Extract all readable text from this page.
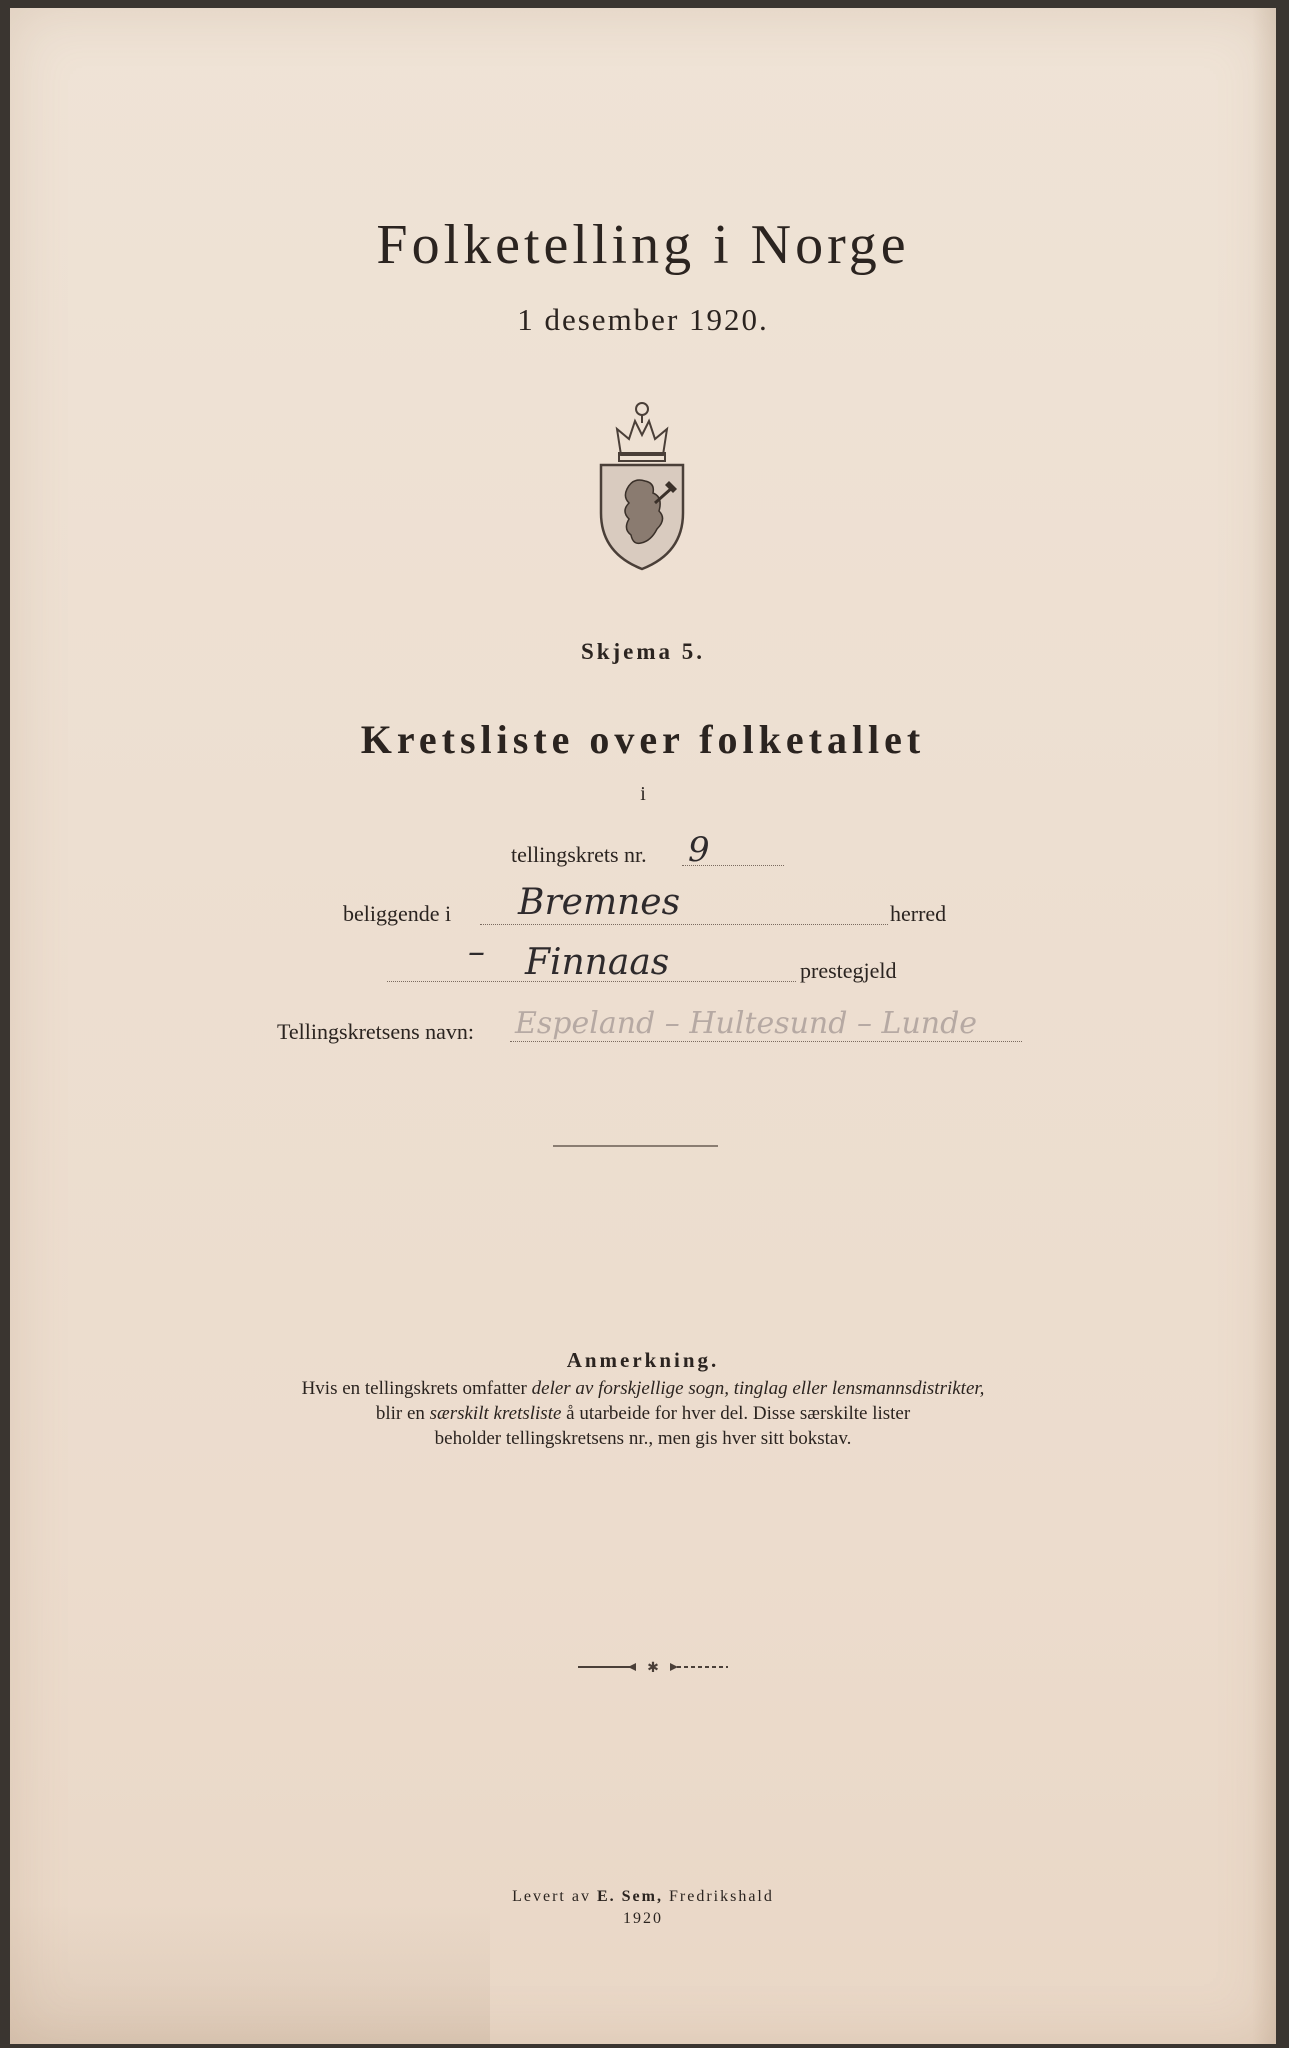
Folketelling i Norge
1 desember 1920.
Skjema 5.
Kretsliste over folketallet
i
tellingskrets nr. 9
beliggende i Bremnes	herred
– Finnaas	prestegjeld
Tellingskretsens navn: Espeland – Hultesund – Lunde
Anmerkning.
Hvis en tellingskrets omfatter deler av forskjellige sogn, tinglag eller lensmannsdistrikter,
blir en særskilt kretsliste å utarbeide for hver del. Disse særskilte lister
beholder tellingskretsens nr., men gis hver sitt bokstav.
✱
Levert av E. Sem, Fredrikshald
1920
